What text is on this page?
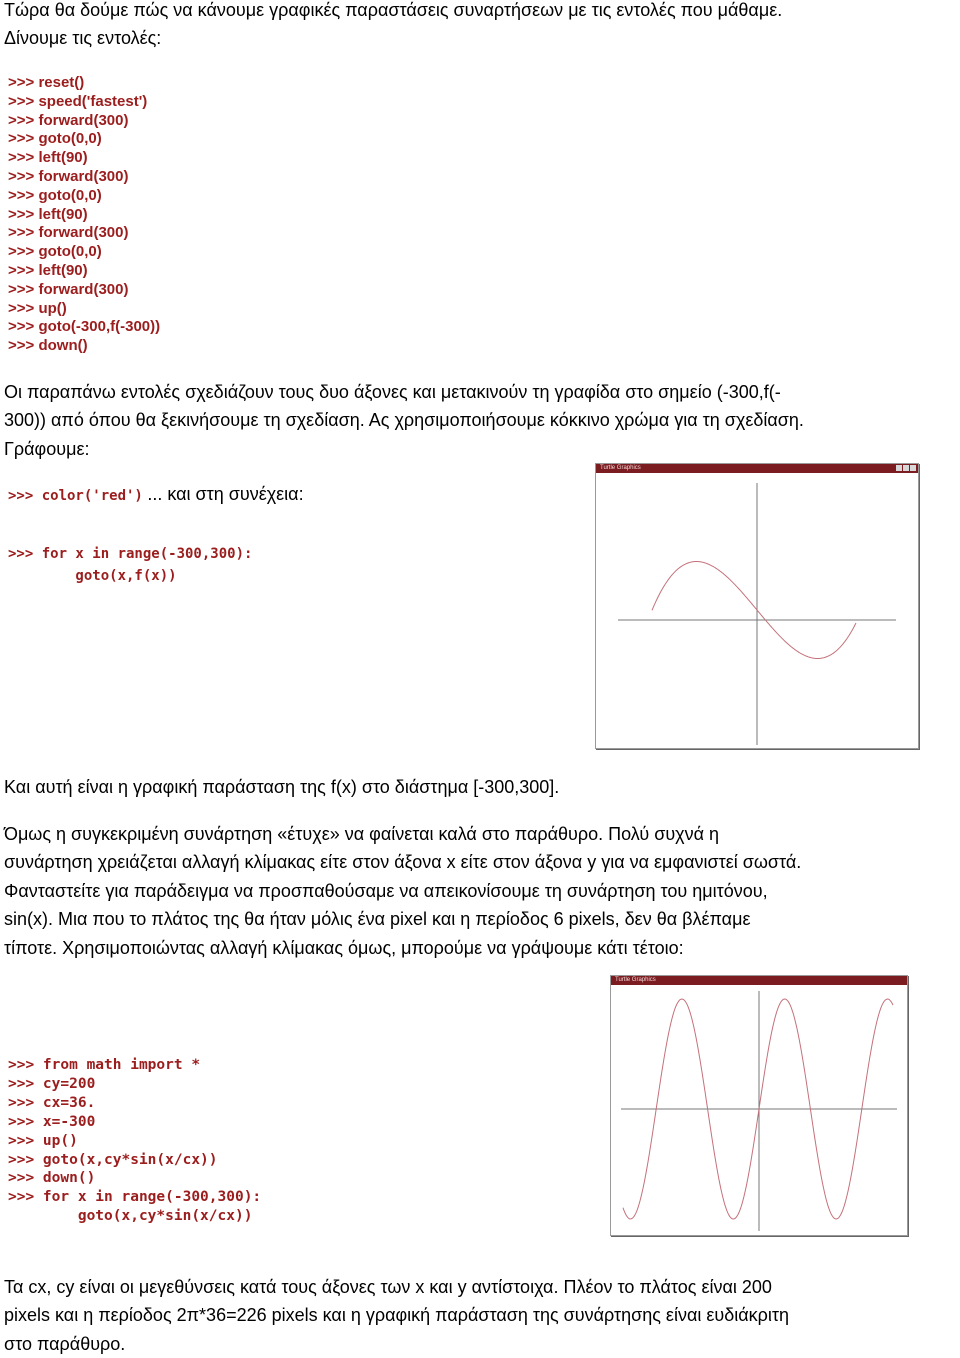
Τώρα θα δούμε πώς να κάνουμε γραφικές παραστάσεις συναρτήσεων με τις εντολές που μάθαμε.

Δίνουμε τις εντολές:

>>> reset()
>>> speed('fastest')
>>> forward(300)
>>> goto(0,0)
>>> left(90)
>>> forward(300)
>>> goto(0,0)
>>> left(90)
>>> forward(300)
>>> goto(0,0)
>>> left(90)
>>> forward(300)
>>> up()
>>> goto(-300,f(-300))
>>> down()

Οι παραπάνω εντολές σχεδιάζουν τους δυο άξονες και μετακινούν τη γραφίδα στο σημείο (-300,f(-

300)) από όπου θα ξεκινήσουμε τη σχεδίαση. Ας χρησιμοποιήσουμε κόκκινο χρώμα για τη σχεδίαση.

Γράφουμε:

>>> color('red') ... και στη συνέχεια:
>>> for x in range(-300,300):
goto(x,f(x))
Turtle Graphics

Και αυτή είναι η γραφική παράσταση της f(x) στο διάστημα [-300,300].

Όμως η συγκεκριμένη συνάρτηση «έτυχε» να φαίνεται καλά στο παράθυρο. Πολύ συχνά η

συνάρτηση χρειάζεται αλλαγή κλίμακας είτε στον άξονα x είτε στον άξονα y για να εμφανιστεί σωστά.

Φανταστείτε για παράδειγμα να προσπαθούσαμε να απεικονίσουμε τη συνάρτηση του ημιτόνου,

sin(x). Μια που το πλάτος της θα ήταν μόλις ένα pixel και η περίοδος 6 pixels, δεν θα βλέπαμε

τίποτε. Χρησιμοποιώντας αλλαγή κλίμακας όμως, μπορούμε να γράψουμε κάτι τέτοιο:

Turtle Graphics
>>> from math import *
>>> cy=200
>>> cx=36.
>>> x=-300
>>> up()
>>> goto(x,cy*sin(x/cx))
>>> down()
>>> for x in range(-300,300):
goto(x,cy*sin(x/cx))

Τα cx, cy είναι οι μεγεθύνσεις κατά τους άξονες των x και y αντίστοιχα. Πλέον το πλάτος είναι 200

pixels και η περίοδος 2π*36=226 pixels και η γραφική παράσταση της συνάρτησης είναι ευδιάκριτη

στο παράθυρο.
